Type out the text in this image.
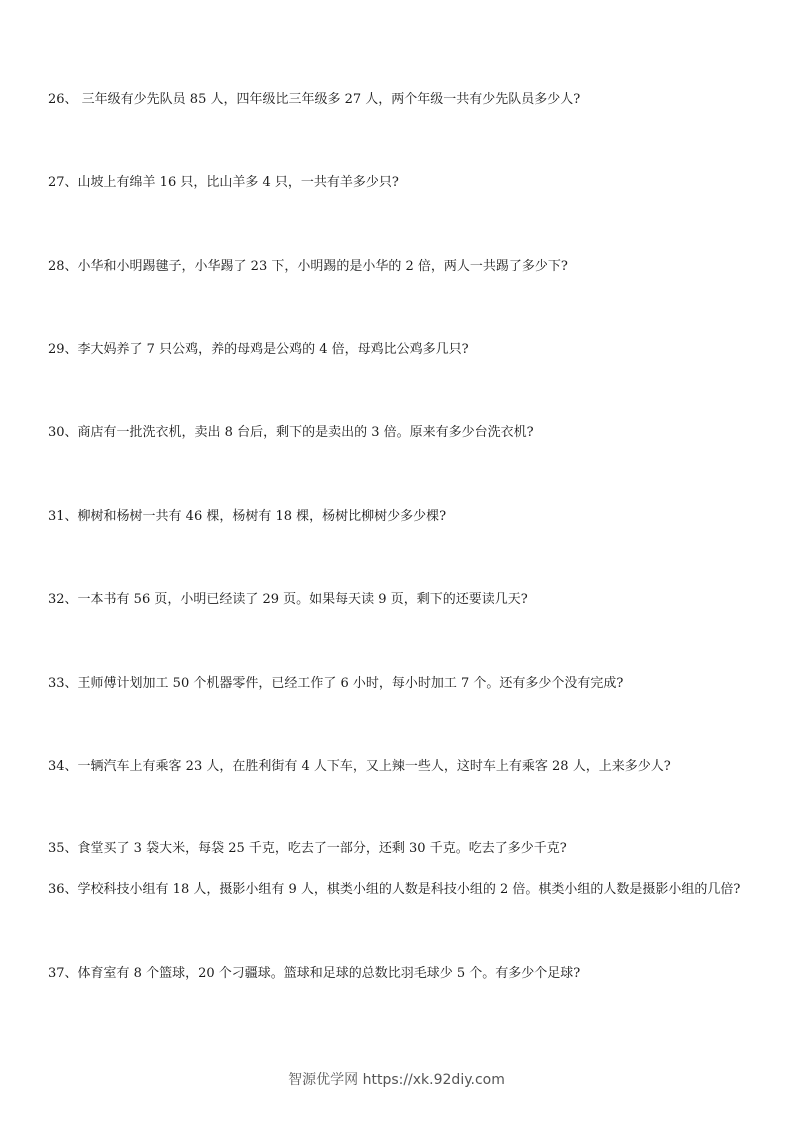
26、 三年级有少先队员 85 人，四年级比三年级多 27 人，两个年级一共有少先队员多少人?
27、山坡上有绵羊 16 只，比山羊多 4 只，一共有羊多少只?
28、小华和小明踢毽子，小华踢了 23 下，小明踢的是小华的 2 倍，两人一共踢了多少下?
29、李大妈养了 7 只公鸡，养的母鸡是公鸡的 4 倍，母鸡比公鸡多几只?
30、商店有一批洗衣机，卖出 8 台后，剩下的是卖出的 3 倍。原来有多少台洗衣机?
31、柳树和杨树一共有 46 棵，杨树有 18 棵，杨树比柳树少多少棵?
32、一本书有 56 页，小明已经读了 29 页。如果每天读 9 页，剩下的还要读几天?
33、王师傅计划加工 50 个机器零件，已经工作了 6 小时，每小时加工 7 个。还有多少个没有完成?
34、一辆汽车上有乘客 23 人，在胜利街有 4 人下车，又上辣一些人，这时车上有乘客 28 人，上来多少人?
35、食堂买了 3 袋大米，每袋 25 千克，吃去了一部分，还剩 30 千克。吃去了多少千克?
36、学校科技小组有 18 人，摄影小组有 9 人，棋类小组的人数是科技小组的 2 倍。棋类小组的人数是摄影小组的几倍?
37、体育室有 8 个篮球，20 个刁疆球。篮球和足球的总数比羽毛球少 5 个。有多少个足球?
智源优学网 https://xk.92diy.com
